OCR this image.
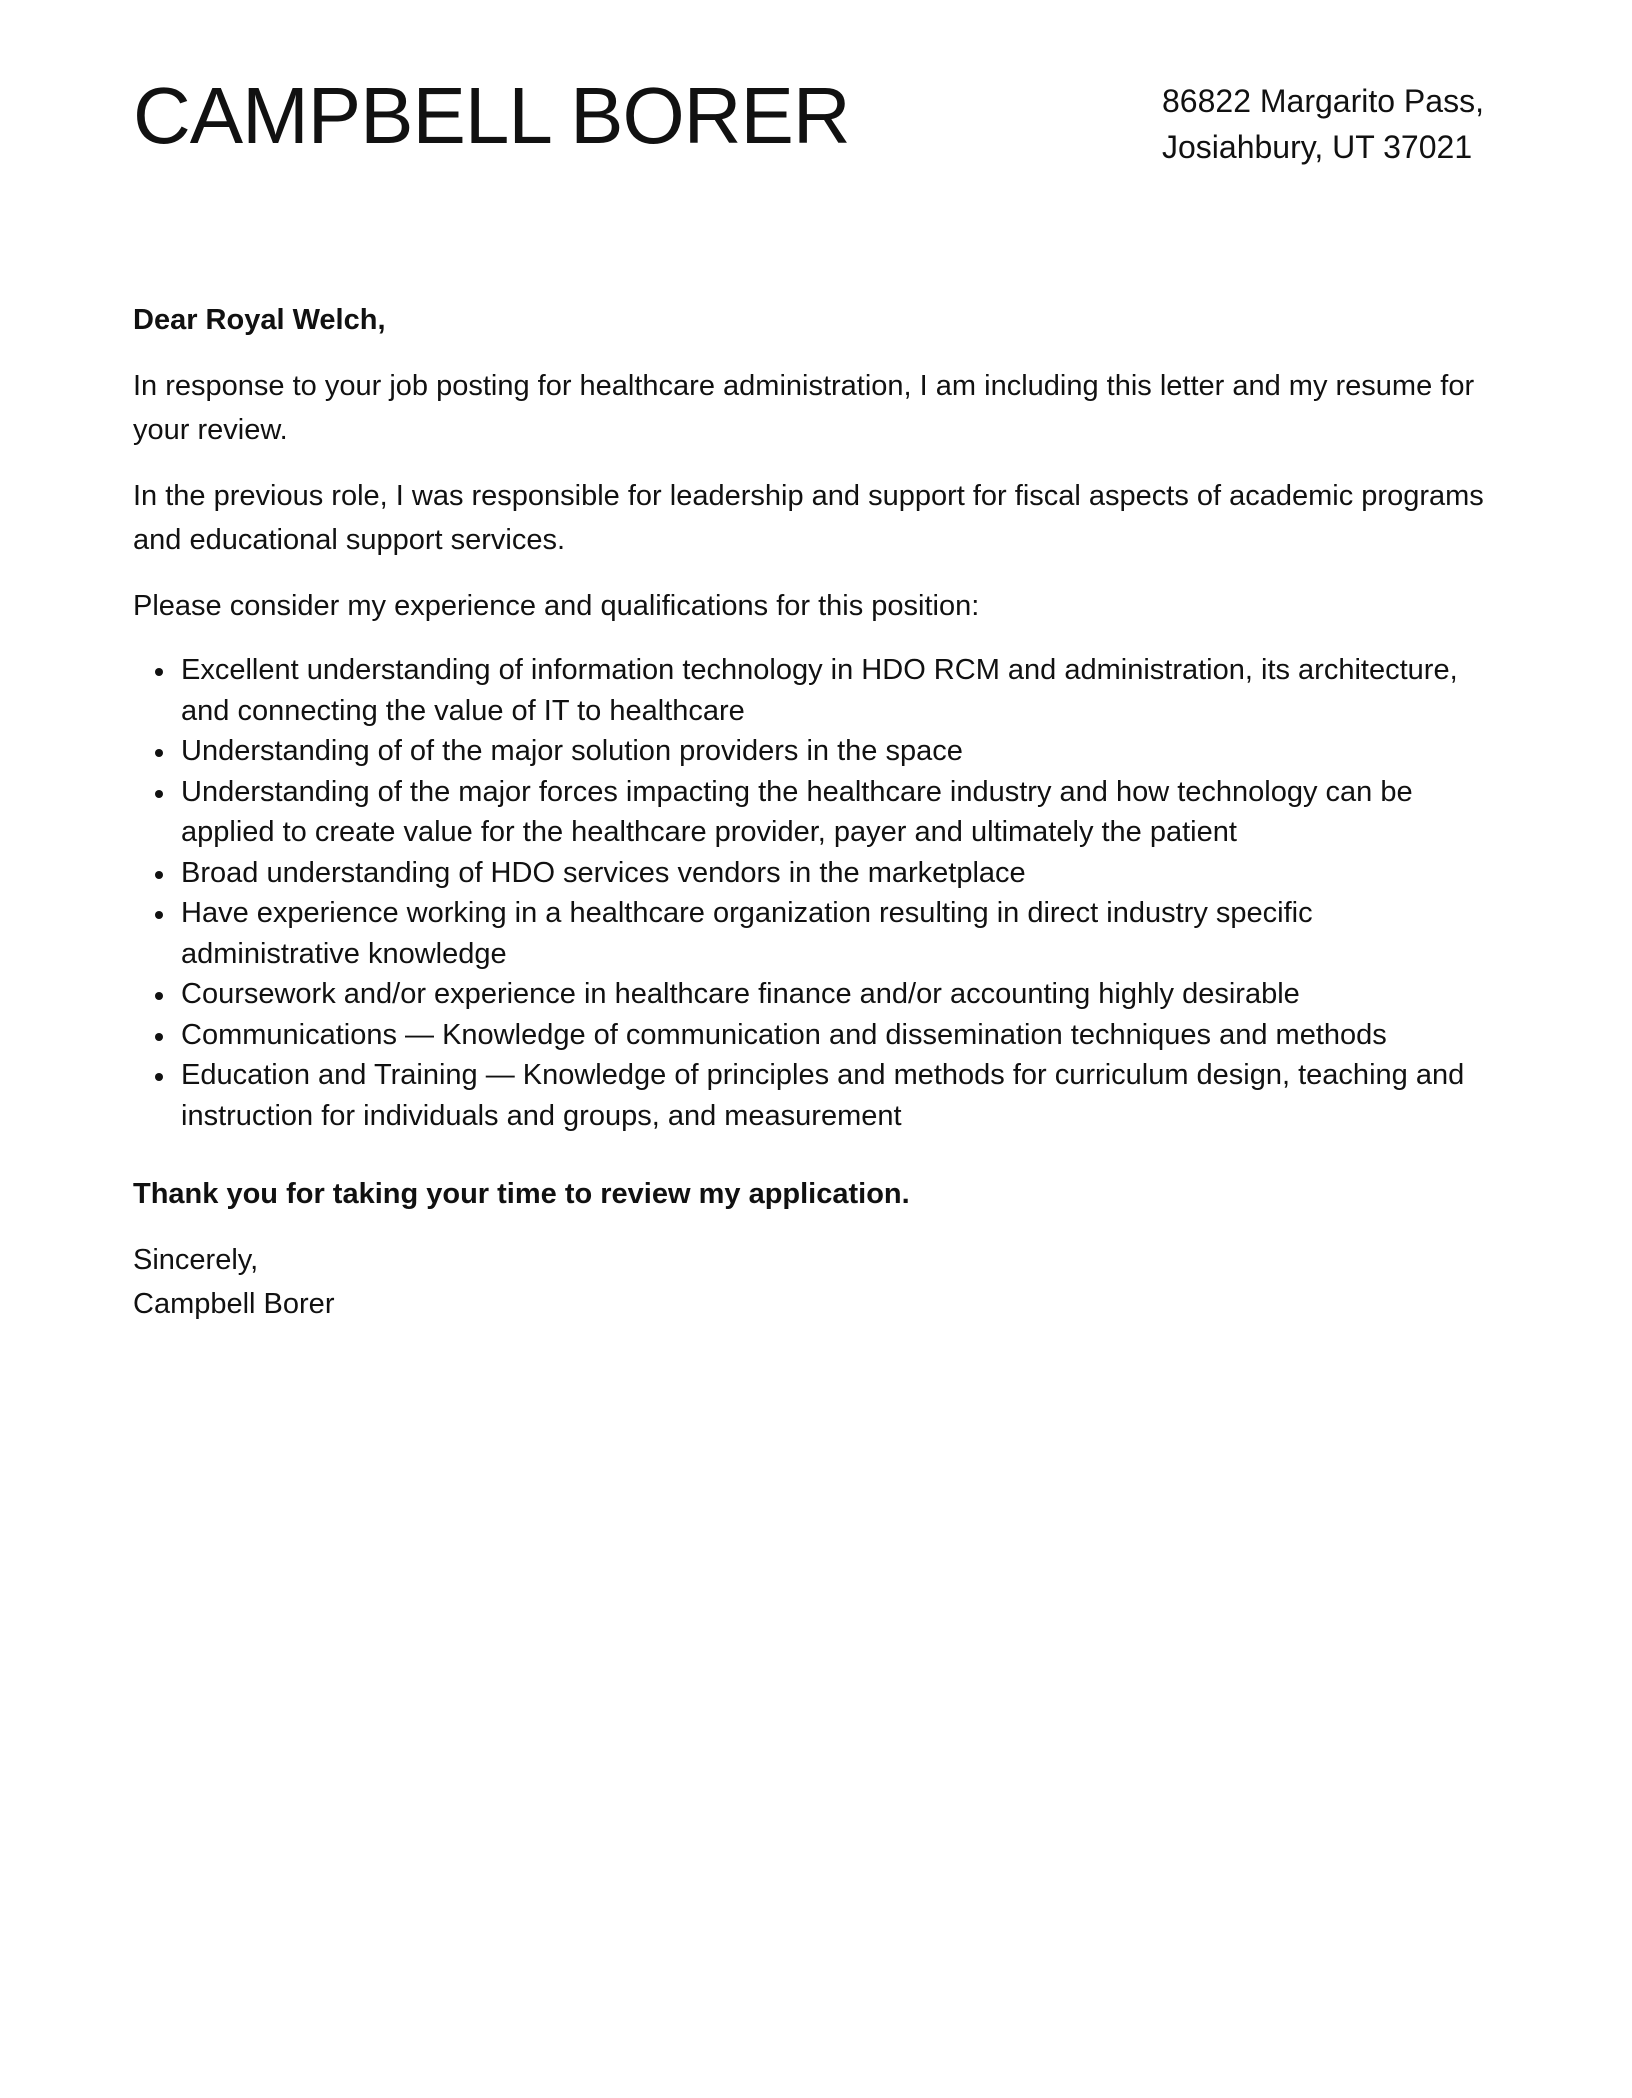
CAMPBELL BORER	86822 Margarito Pass,
Josiahbury, UT 37021

Dear Royal Welch,

In response to your job posting for healthcare administration, I am including this letter and my resume for your review.

In the previous role, I was responsible for leadership and support for fiscal aspects of academic programs and educational support services.

Please consider my experience and qualifications for this position:

Excellent understanding of information technology in HDO RCM and administration, its architecture, and connecting the value of IT to healthcare
Understanding of of the major solution providers in the space
Understanding of the major forces impacting the healthcare industry and how technology can be applied to create value for the healthcare provider, payer and ultimately the patient
Broad understanding of HDO services vendors in the marketplace
Have experience working in a healthcare organization resulting in direct industry specific administrative knowledge
Coursework and/or experience in healthcare finance and/or accounting highly desirable
Communications — Knowledge of communication and dissemination techniques and methods
Education and Training — Knowledge of principles and methods for curriculum design, teaching and instruction for individuals and groups, and measurement

Thank you for taking your time to review my application.

Sincerely,
Campbell Borer
